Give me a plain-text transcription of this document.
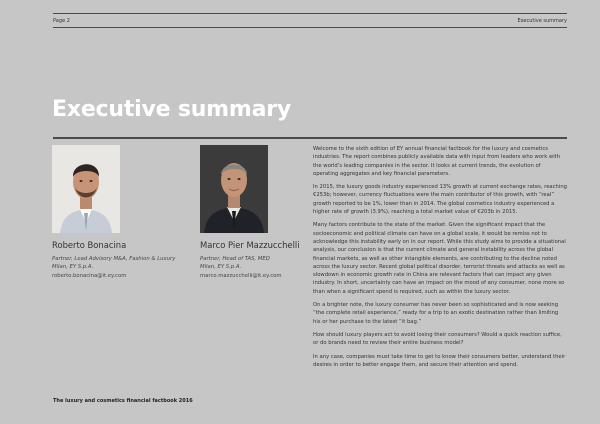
Page 2	Executive summary
Executive summary
Roberto Bonacina	Marco Pier Mazzucchelli
Partner, Lead Advisory M&A, Fashion & Luxury
Milan, EY S.p.A.
roberto.bonacina@it.ey.com
Partner, Head of TAS, MED
Milan, EY S.p.A.
marco.mazzucchelli@it.ey.com

Welcome to the sixth edition of EY annual financial factbook for the luxury and cosmetics industries. The report combines publicly available data with input from leaders who work with the world’s leading companies in the sector. It looks at current trends, the evolution of operating aggregates and key financial parameters.

In 2015, the luxury goods industry experienced 13% growth at current exchange rates, reaching €253b; however, currency fluctuations were the main contributor of this growth, with “real” growth reported to be 1%, lower than in 2014. The global cosmetics industry experienced a higher rate of growth (3.9%), reaching a total market value of €203b in 2015.

Many factors contribute to the state of the market. Given the significant impact that the socioeconomic and political climate can have on a global scale, it would be remiss not to acknowledge this instability early on in our report. While this study aims to provide a situational analysis, our conclusion is that the current climate and general instability across the global financial markets, as well as other intangible elements, are contributing to the decline noted across the luxury sector. Recent global political disorder, terrorist threats and attacks as well as slowdown in economic growth rate in China are relevant factors that can impact any given industry. In short, uncertainty can have an impact on the mood of any consumer, none more so than when a significant spend is required, such as within the luxury sector.

On a brighter note, the luxury consumer has never been so sophisticated and is now seeking “the complete retail experience,” ready for a trip to an exotic destination rather than limiting his or her purchase to the latest “it bag.”

How should luxury players act to avoid losing their consumers? Would a quick reaction suffice, or do brands need to review their entire business model?

In any case, companies must take time to get to know their consumers better, understand their desires in order to better engage them, and secure their attention and spend.

The luxury and cosmetics financial factbook 2016
